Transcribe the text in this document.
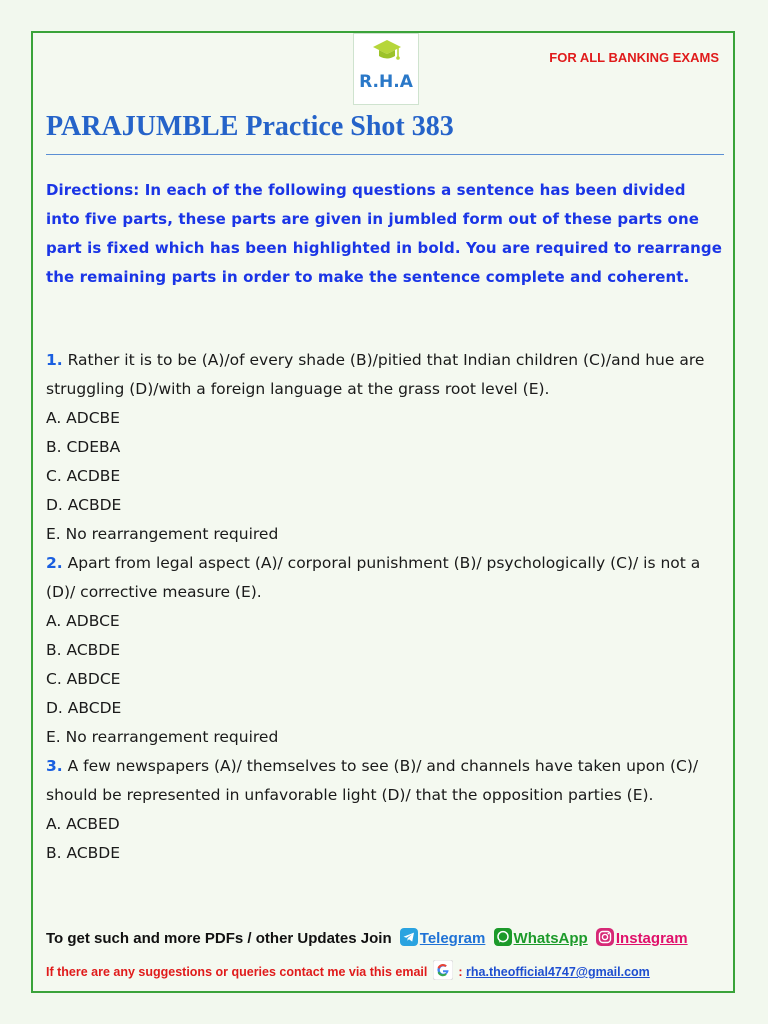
R.H.A
FOR ALL BANKING EXAMS
PARAJUMBLE Practice Shot 383
Directions: In each of the following questions a sentence has been divided into five parts, these parts are given in jumbled form out of these parts one part is fixed which has been highlighted in bold. You are required to rearrange the remaining parts in order to make the sentence complete and coherent.

1. Rather it is to be (A)/of every shade (B)/pitied that Indian children (C)/and hue are struggling (D)/with a foreign language at the grass root level (E).

A. ADCBE

B. CDEBA

C. ACDBE

D. ACBDE

E. No rearrangement required

2. Apart from legal aspect (A)/ corporal punishment (B)/ psychologically (C)/ is not a (D)/ corrective measure (E).

A. ADBCE

B. ACBDE

C. ABDCE

D. ABCDE

E. No rearrangement required

3. A few newspapers (A)/ themselves to see (B)/ and channels have taken upon (C)/ should be represented in unfavorable light (D)/ that the opposition parties (E).

A. ACBED

B. ACBDE

To get such and more PDFs / other Updates Join Telegram WhatsApp Instagram
If there are any suggestions or queries contact me via this email : rha.theofficial4747@gmail.com
